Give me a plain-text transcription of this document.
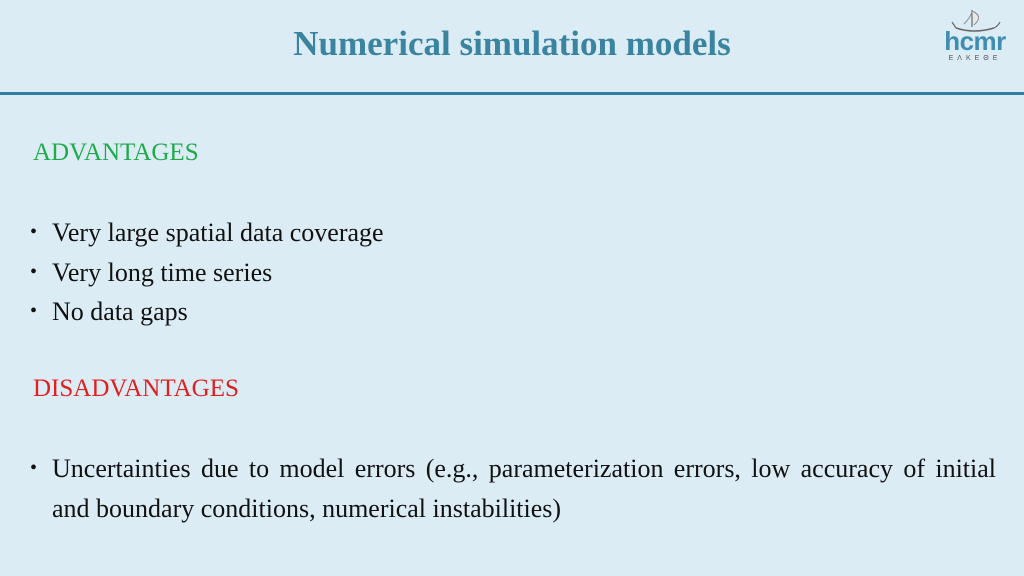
Numerical simulation models	hcmr
ΕΛΚΕΘΕ
ADVANTAGES
• Very large spatial data coverage
• Very long time series
• No data gaps
DISADVANTAGES
• Uncertainties due to model errors (e.g., parameterization errors, low accuracy of initial and boundary conditions, numerical instabilities)
